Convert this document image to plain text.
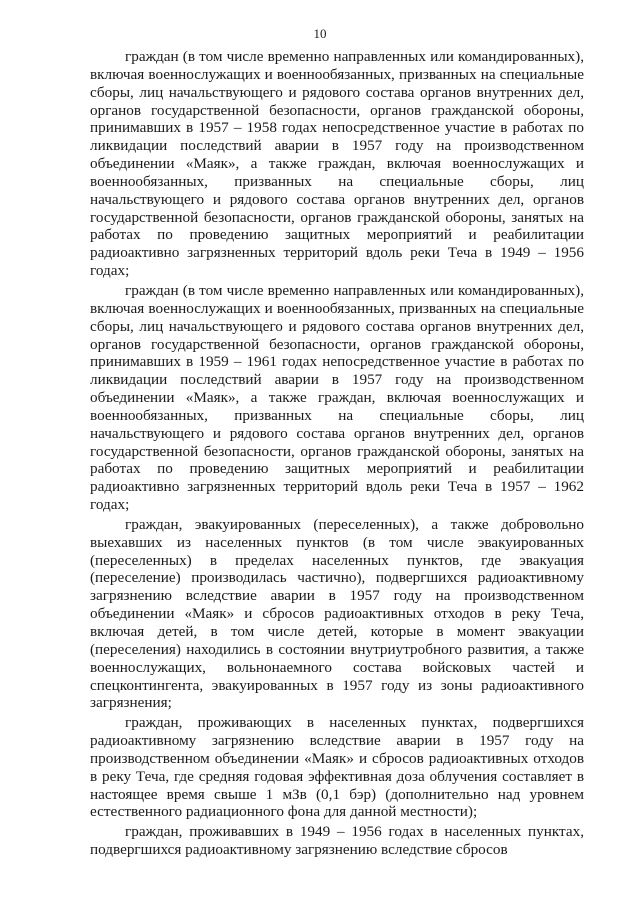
10

граждан (в том числе временно направленных или командированных), включая военнослужащих и военнообязанных, призванных на специальные сборы, лиц начальствующего и рядового состава органов внутренних дел, органов государственной безопасности, органов гражданской обороны, принимавших в 1957 – 1958 годах непосредственное участие в работах по ликвидации последствий аварии в 1957 году на производственном объединении «Маяк», а также граждан, включая военнослужащих и военнообязанных, призванных на специальные сборы, лиц начальствующего и рядового состава органов внутренних дел, органов государственной безопасности, органов гражданской обороны, занятых на работах по проведению защитных мероприятий и реабилитации радиоактивно загрязненных территорий вдоль реки Теча в 1949 – 1956 годах;

граждан (в том числе временно направленных или командированных), включая военнослужащих и военнообязанных, призванных на специальные сборы, лиц начальствующего и рядового состава органов внутренних дел, органов государственной безопасности, органов гражданской обороны, принимавших в 1959 – 1961 годах непосредственное участие в работах по ликвидации последствий аварии в 1957 году на производственном объединении «Маяк», а также граждан, включая военнослужащих и военнообязанных, призванных на специальные сборы, лиц начальствующего и рядового состава органов внутренних дел, органов государственной безопасности, органов гражданской обороны, занятых на работах по проведению защитных мероприятий и реабилитации радиоактивно загрязненных территорий вдоль реки Теча в 1957 – 1962 годах;

граждан, эвакуированных (переселенных), а также добровольно выехавших из населенных пунктов (в том числе эвакуированных (переселенных) в пределах населенных пунктов, где эвакуация (переселение) производилась частично), подвергшихся радиоактивному загрязнению вследствие аварии в 1957 году на производственном объединении «Маяк» и сбросов радиоактивных отходов в реку Теча, включая детей, в том числе детей, которые в момент эвакуации (переселения) находились в состоянии внутриутробного развития, а также военнослужащих, вольнонаемного состава войсковых частей и спецконтингента, эвакуированных в 1957 году из зоны радиоактивного загрязнения;

граждан, проживающих в населенных пунктах, подвергшихся радиоактивному загрязнению вследствие аварии в 1957 году на производственном объединении «Маяк» и сбросов радиоактивных отходов в реку Теча, где средняя годовая эффективная доза облучения составляет в настоящее время свыше 1 мЗв (0,1 бэр) (дополнительно над уровнем естественного радиационного фона для данной местности);

граждан, проживавших в 1949 – 1956 годах в населенных пунктах, подвергшихся радиоактивному загрязнению вследствие сбросов
